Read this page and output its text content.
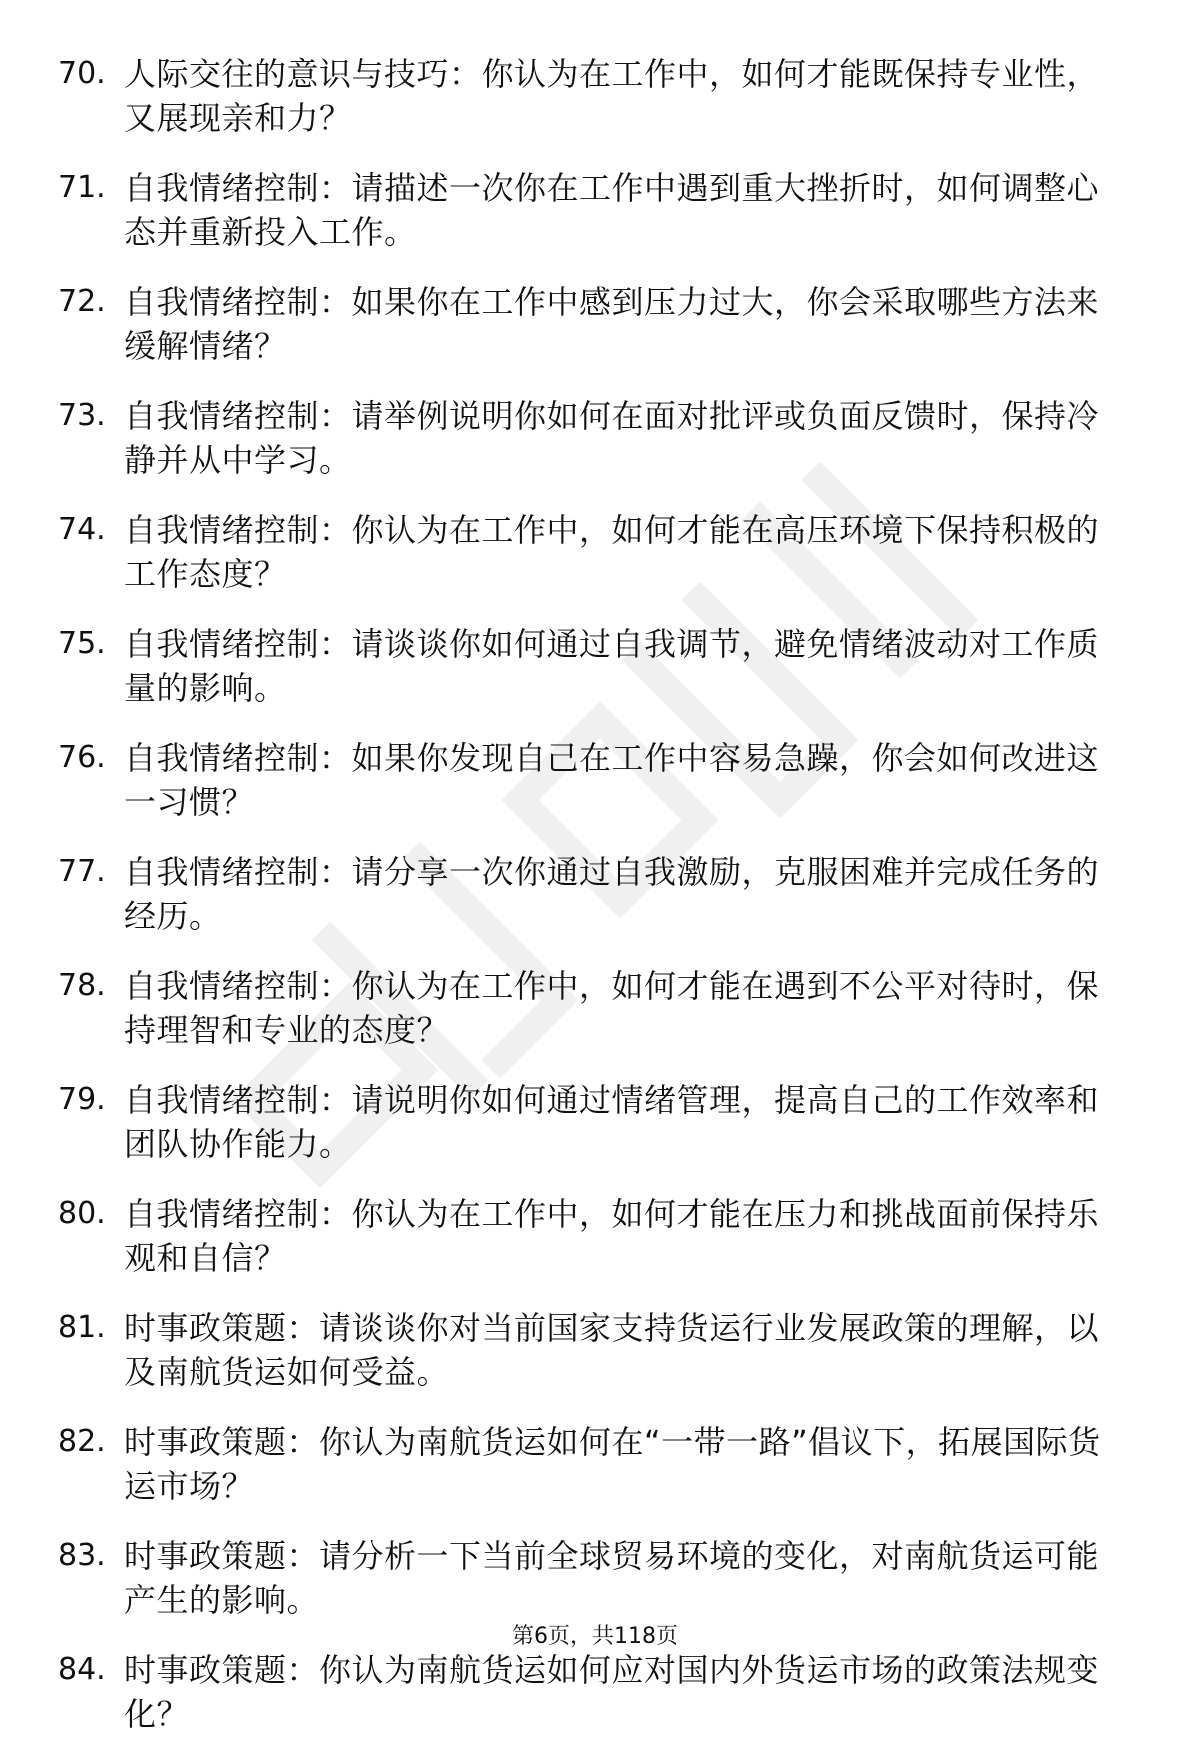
70. 人际交往的意识与技巧：你认为在工作中，如何才能既保持专业性，又展现亲和力？
71. 自我情绪控制：请描述一次你在工作中遇到重大挫折时，如何调整心态并重新投入工作。
72. 自我情绪控制：如果你在工作中感到压力过大，你会采取哪些方法来缓解情绪？
73. 自我情绪控制：请举例说明你如何在面对批评或负面反馈时，保持冷静并从中学习。
74. 自我情绪控制：你认为在工作中，如何才能在高压环境下保持积极的工作态度？
75. 自我情绪控制：请谈谈你如何通过自我调节，避免情绪波动对工作质量的影响。
76. 自我情绪控制：如果你发现自己在工作中容易急躁，你会如何改进这一习惯？
77. 自我情绪控制：请分享一次你通过自我激励，克服困难并完成任务的经历。
78. 自我情绪控制：你认为在工作中，如何才能在遇到不公平对待时，保持理智和专业的态度？
79. 自我情绪控制：请说明你如何通过情绪管理，提高自己的工作效率和团队协作能力。
80. 自我情绪控制：你认为在工作中，如何才能在压力和挑战面前保持乐观和自信？
81. 时事政策题：请谈谈你对当前国家支持货运行业发展政策的理解，以及南航货运如何受益。
82. 时事政策题：你认为南航货运如何在“一带一路”倡议下，拓展国际货运市场？
83. 时事政策题：请分析一下当前全球贸易环境的变化，对南航货运可能产生的影响。
84. 时事政策题：你认为南航货运如何应对国内外货运市场的政策法规变化？
第6页，共118页
